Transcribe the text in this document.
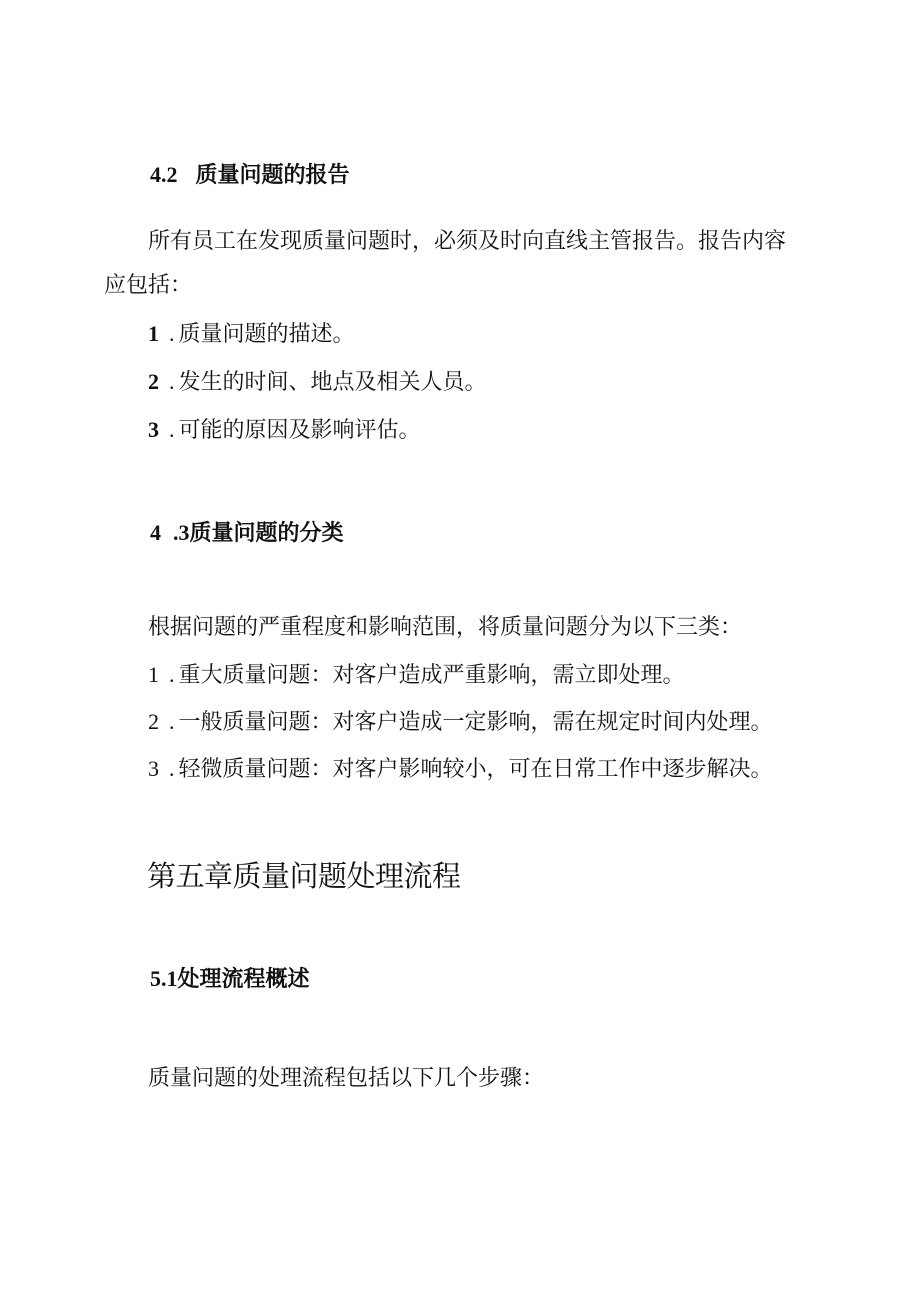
4.2 质量问题的报告
所有员工在发现质量问题时，必须及时向直线主管报告。报告内容
应包括：
1 . 质量问题的描述。
2 . 发生的时间、地点及相关人员。
3 . 可能的原因及影响评估。
4 .3质量问题的分类
根据问题的严重程度和影响范围，将质量问题分为以下三类：
1 . 重大质量问题：对客户造成严重影响，需立即处理。
2 . 一般质量问题：对客户造成一定影响，需在规定时间内处理。
3 . 轻微质量问题：对客户影响较小，可在日常工作中逐步解决。
第五章质量问题处理流程
5.1处理流程概述
质量问题的处理流程包括以下几个步骤：
